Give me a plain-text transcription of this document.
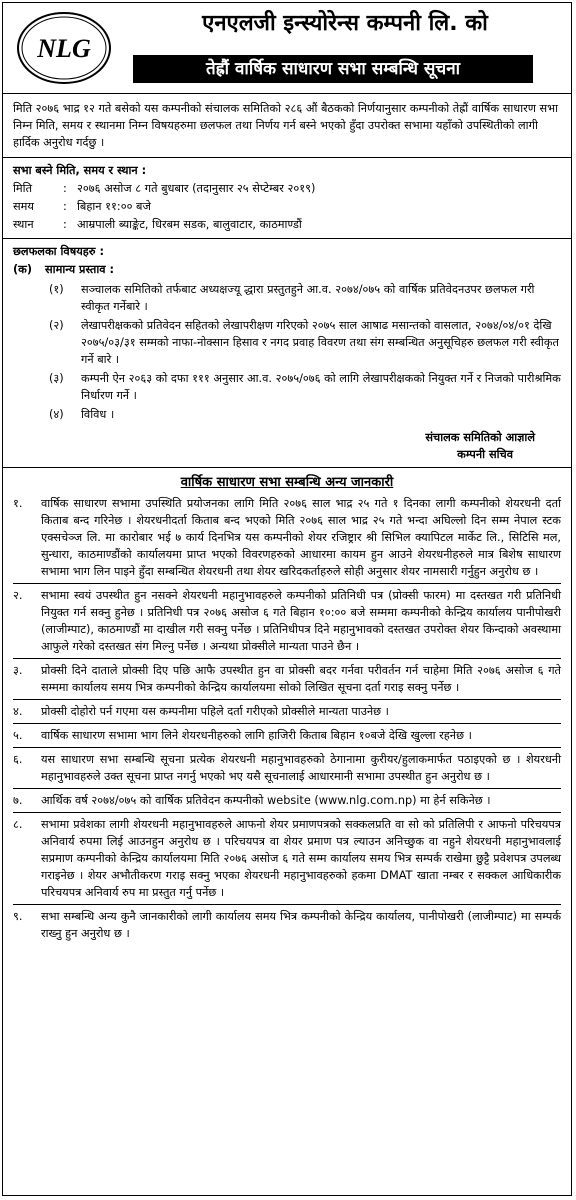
NLG
एनएलजी इन्स्योरेन्स कम्पनी लि. को
तेह्रौं वार्षिक साधारण सभा सम्बन्धि सूचना
मिति २०७६ भाद्र १२ गते बसेको यस कम्पनीको संचालक समितिको २८६ औं बैठकको निर्णयानुसार कम्पनीको तेह्रौं वार्षिक साधारण सभा निम्न मिति, समय र स्थानमा निम्न विषयहरुमा छलफल तथा निर्णय गर्न बस्ने भएको हुँदा उपरोक्त सभामा यहाँको उपस्थितीको लागी हार्दिक अनुरोध गर्दछु ।
सभा बस्ने मिति, समय र स्थान :
मिति	: २०७६ असोज ८ गते बुधबार (तदानुसार २५ सेप्टेम्बर २०१९)
समय	: बिहान ११:०० बजे
स्थान	: आम्रपाली ब्याङ्केट, धिरबम सडक, बालुवाटार, काठमाण्डौं
छलफलका विषयहरु :
(क)	सामान्य प्रस्ताव :
(१)	सञ्चालक समितिको तर्फबाट अध्यक्षज्यू द्धारा प्रस्तुतहुने आ.व. २०७४/०७५ को वार्षिक प्रतिवेदनउपर छलफल गरी स्वीकृत गर्नेबारे ।
(२)	लेखापरीक्षकको प्रतिवेदन सहितको लेखापरीक्षण गरिएको २०७५ साल आषाढ मसान्तको वासलात, २०७४/०४/०१ देखि २०७५/०३/३१ सम्मको नाफा-नोक्सान हिसाव र नगद प्रवाह विवरण तथा संग सम्बन्धित अनुसूचिहरु छलफल गरी स्वीकृत गर्ने बारे ।
(३)	कम्पनी ऐन २०६३ को दफा १११ अनुसार आ.व. २०७५/०७६ को लागि लेखापरीक्षकको नियुक्त गर्ने र निजको पारीश्रमिक निर्धारण गर्ने ।
(४)	विविध ।
संचालक समितिको आज्ञाले
कम्पनी सचिव
वार्षिक साधारण सभा सम्बन्धि अन्य जानकारी
१.	वार्षिक साधारण सभामा उपस्थिति प्रयोजनका लागि मिति २०७६ साल भाद्र २५ गते १ दिनका लागी कम्पनीको शेयरधनी दर्ता किताब बन्द गरिनेछ । शेयरधनीदर्ता किताब बन्द भएको मिति २०७६ साल भाद्र २५ गते भन्दा अघिल्लो दिन सम्म नेपाल स्टक एक्सचेञ्ज लि. मा कारोबार भई ७ कार्य दिनभित्र यस कम्पनीको शेयर रजिष्ट्रार श्री सिभिल क्यापिटल मार्केट लि., सिटिसि मल, सुन्धारा, काठमाण्डौंको कार्यालयमा प्राप्त भएको विवरणहरुको आधारमा कायम हुन आउने शेयरधनीहरुले मात्र बिशेष साधारण सभामा भाग लिन पाइने हुँदा सम्बन्धित शेयरधनी तथा शेयर खरिदकर्ताहरुले सोही अनुसार शेयर नामसारी गर्नुहुन अनुरोध छ ।
२.	सभामा स्वयं उपस्थीत हुन नसक्ने शेयरधनी महानुभावहरुले कम्पनीको प्रतिनिधी पत्र (प्रोक्सी फारम) मा दस्तखत गरी प्रतिनिधी नियुक्त गर्न सक्नु हुनेछ । प्रतिनिधी पत्र २०७६ असोज ६ गते बिहान १०:०० बजे सम्ममा कम्पनीको केन्द्रिय कार्यालय पानीपोखरी (लाजीम्पाट), काठमाण्डौं मा दाखील गरी सक्नु पर्नेछ । प्रतिनिधीपत्र दिने महानुभावको दस्तखत उपरोक्त शेयर किन्दाको अवस्थामा आफुले गरेको दस्तखत संग मिल्नु पर्नेछ । अन्यथा प्रोक्सीले मान्यता पाउने छैन ।
३.	प्रोक्सी दिने दाताले प्रोक्सी दिए पछि आफै उपस्थीत हुन वा प्रोक्सी बदर गर्नवा परीवर्तन गर्न चाहेमा मिति २०७६ असोज ६ गते सम्ममा कार्यालय समय भित्र कम्पनीको केन्द्रिय कार्यालयमा सोको लिखित सूचना दर्ता गराइ सक्नु पर्नेछ ।
४.	प्रोक्सी दोहोरो पर्न गएमा यस कम्पनीमा पहिले दर्ता गरीएको प्रोक्सीले मान्यता पाउनेछ ।
५.	वार्षिक साधारण सभामा भाग लिने शेयरधनीहरुको लागि हाजिरी किताब बिहान १०बजे देखि खुल्ला रहनेछ ।
६.	यस साधारण सभा सम्बन्धि सूचना प्रत्येक शेयरधनी महानुभावहरुको ठेगानामा कुरीयर/हुलाकमार्फत पठाइएको छ । शेयरधनी महानुभावहरुले उक्त सूचना प्राप्त नगर्नु भएको भए यसै सूचनालाई आधारमानी सभामा उपस्थीत हुन अनुरोध छ ।
७.	आर्थिक वर्ष २०७४/०७५ को वार्षिक प्रतिवेदन कम्पनीको website (www.nlg.com.np) मा हेर्न सकिनेछ ।
८.	सभामा प्रवेशका लागी शेयरधनी महानुभावहरुले आफनो शेयर प्रमाणपत्रको सक्कलप्रति वा सो को प्रतिलिपी र आफनो परिचयपत्र अनिवार्य रुपमा लिई आउनहुन अनुरोध छ । परिचयपत्र वा शेयर प्रमाण पत्र ल्याउन अनिच्छुक वा नहुने शेयरधनी महानुभावलाई सप्रमाण कम्पनीको केन्द्रिय कार्यालयमा मिति २०७६ असोज ६ गते सम्म कार्यालय समय भित्र सम्पर्क राखेमा छुट्टै प्रवेशपत्र उपलब्ध गराइनेछ । शेयर अभौतीकरण गराइ सक्नु भएका शेयरधनी महानुभावहरुको हकमा DMAT खाता नम्बर र सक्कल आधिकारीक परिचयपत्र अनिवार्य रुप मा प्रस्तुत गर्नु पर्नेछ ।
९.	सभा सम्बन्धि अन्य कुनै जानकारीको लागी कार्यालय समय भित्र कम्पनीको केन्द्रिय कार्यालय, पानीपोखरी (लाजीम्पाट) मा सम्पर्क राख्नु हुन अनुरोध छ ।
